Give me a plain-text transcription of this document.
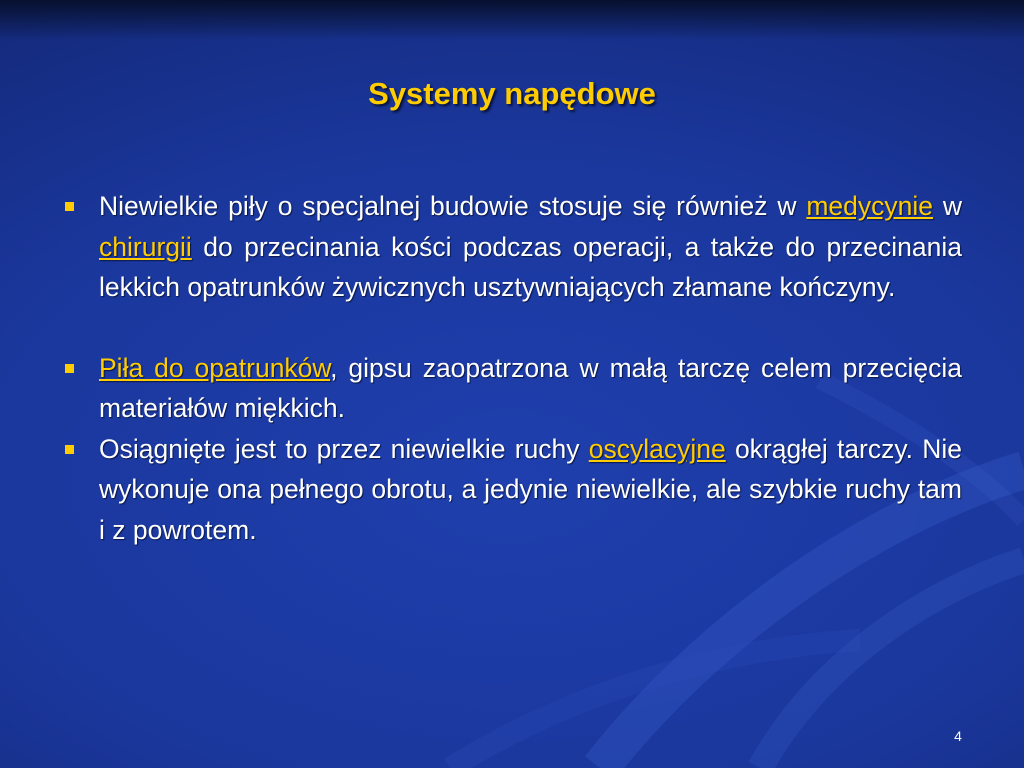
Systemy napędowe
Niewielkie piły o specjalnej budowie stosuje się również w medycynie w chirurgii do przecinania kości podczas operacji, a także do przecinania lekkich opatrunków żywicznych usztywniających złamane kończyny.
Piła do opatrunków, gipsu zaopatrzona w małą tarczę celem przecięcia materiałów miękkich.
Osiągnięte jest to przez niewielkie ruchy oscylacyjne okrągłej tarczy. Nie wykonuje ona pełnego obrotu, a jedynie niewielkie, ale szybkie ruchy tam i z powrotem.
4
